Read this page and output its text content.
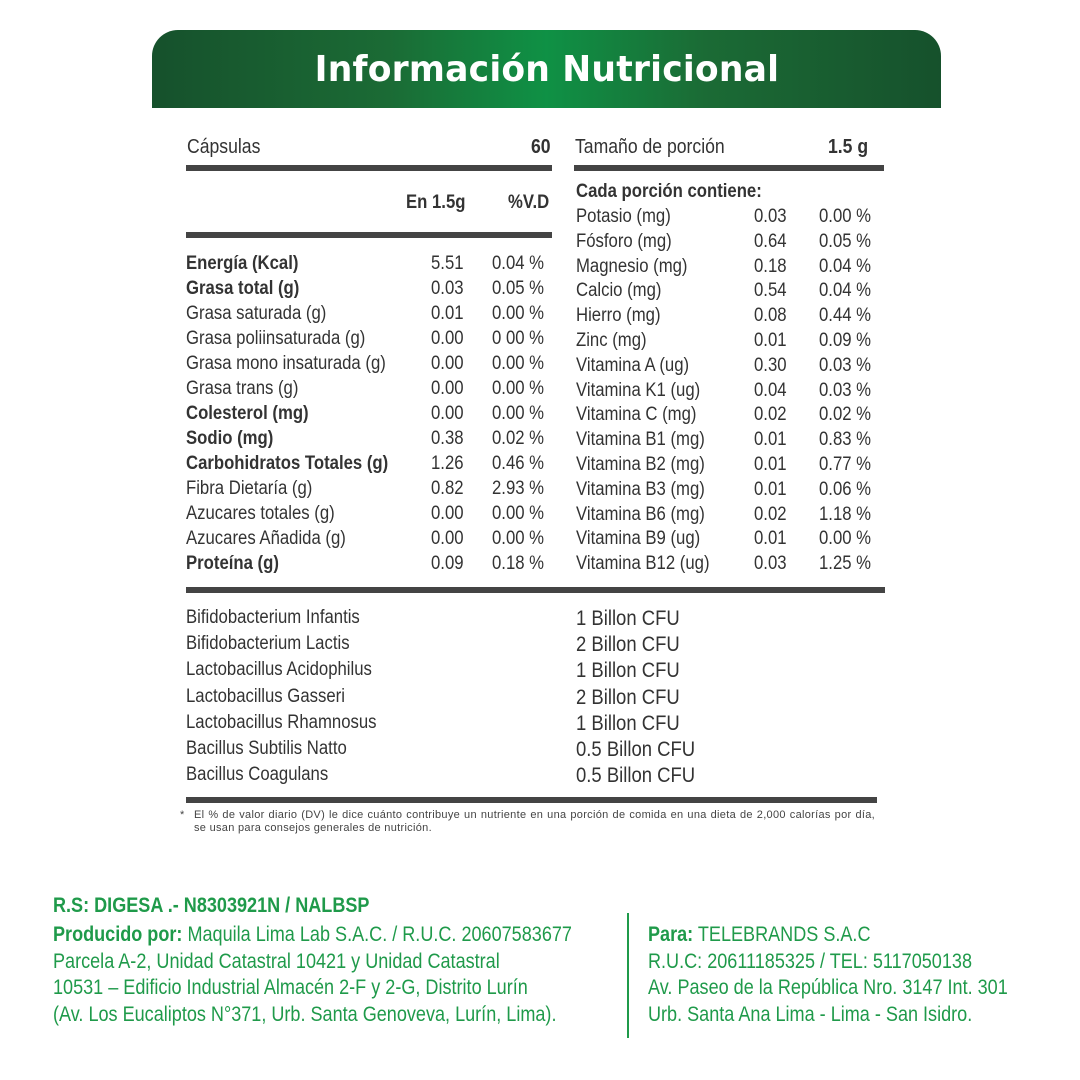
Información Nutricional
Cápsulas	60 Tamaño de porción	1.5 g
En 1.5g %V.D
Cada porción contiene:
Energía (Kcal)	5.51 0.04 %
Grasa total (g)	0.03 0.05 %
Grasa saturada (g)	0.01 0.00 %
Grasa poliinsaturada (g)	0.00 0 00 %
Grasa mono insaturada (g) 0.00 0.00 %
Grasa trans (g)	0.00 0.00 %
Colesterol (mg)	0.00 0.00 %
Sodio (mg)	0.38 0.02 %
Carbohidratos Totales (g) 1.26 0.46 %
Fibra Dietaría (g)	0.82 2.93 %
Azucares totales (g)	0.00 0.00 %
Azucares Añadida (g)	0.00 0.00 %
Proteína (g)	0.09 0.18 %
Potasio (mg)	0.03 0.00 %
Fósforo (mg)	0.64 0.05 %
Magnesio (mg)	0.18 0.04 %
Calcio (mg)	0.54 0.04 %
Hierro (mg)	0.08 0.44 %
Zinc (mg)	0.01 0.09 %
Vitamina A (ug)	0.30 0.03 %
Vitamina K1 (ug)	0.04 0.03 %
Vitamina C (mg)	0.02 0.02 %
Vitamina B1 (mg)	0.01 0.83 %
Vitamina B2 (mg)	0.01 0.77 %
Vitamina B3 (mg)	0.01 0.06 %
Vitamina B6 (mg)	0.02 1.18 %
Vitamina B9 (ug)	0.01 0.00 %
Vitamina B12 (ug) 0.03 1.25 %
Bifidobacterium Infantis	1 Billon CFU
Bifidobacterium Lactis	2 Billon CFU
Lactobacillus Acidophilus	1 Billon CFU
Lactobacillus Gasseri	2 Billon CFU
Lactobacillus Rhamnosus	1 Billon CFU
Bacillus Subtilis Natto	0.5 Billon CFU
Bacillus Coagulans	0.5 Billon CFU
* El % de valor diario (DV) le dice cuánto contribuye un nutriente en una porción de comida en una dieta de 2,000 calorías por día, se usan para consejos generales de nutrición.
R.S: DIGESA .- N8303921N / NALBSP
Producido por: Maquila Lima Lab S.A.C. / R.U.C. 20607583677
Parcela A-2, Unidad Catastral 10421 y Unidad Catastral
10531 – Edificio Industrial Almacén 2-F y 2-G, Distrito Lurín
(Av. Los Eucaliptos N°371, Urb. Santa Genoveva, Lurín, Lima).
Para: TELEBRANDS S.A.C
R.U.C: 20611185325 / TEL: 5117050138
Av. Paseo de la República Nro. 3147 Int. 301
Urb. Santa Ana Lima - Lima - San Isidro.
